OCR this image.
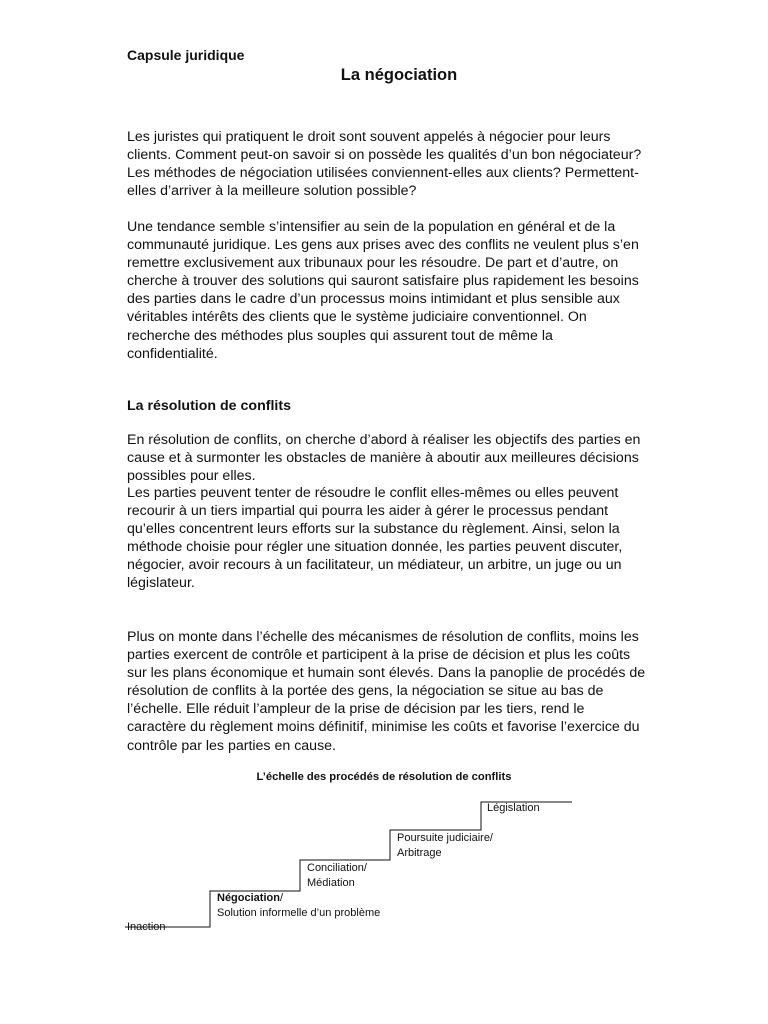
Capsule juridique
La négociation

Les juristes qui pratiquent le droit sont souvent appelés à négocier pour leurs clients. Comment peut-on savoir si on possède les qualités d’un bon négociateur? Les méthodes de négociation utilisées conviennent-elles aux clients? Permettent-elles d’arriver à la meilleure solution possible?

Une tendance semble s’intensifier au sein de la population en général et de la communauté juridique. Les gens aux prises avec des conflits ne veulent plus s’en remettre exclusivement aux tribunaux pour les résoudre. De part et d’autre, on cherche à trouver des solutions qui sauront satisfaire plus rapidement les besoins des parties dans le cadre d’un processus moins intimidant et plus sensible aux véritables intérêts des clients que le système judiciaire conventionnel. On recherche des méthodes plus souples qui assurent tout de même la confidentialité.

La résolution de conflits

En résolution de conflits, on cherche d’abord à réaliser les objectifs des parties en cause et à surmonter les obstacles de manière à aboutir aux meilleures décisions possibles pour elles.

Les parties peuvent tenter de résoudre le conflit elles-mêmes ou elles peuvent recourir à un tiers impartial qui pourra les aider à gérer le processus pendant qu’elles concentrent leurs efforts sur la substance du règlement. Ainsi, selon la méthode choisie pour régler une situation donnée, les parties peuvent discuter, négocier, avoir recours à un facilitateur, un médiateur, un arbitre, un juge ou un législateur.

Plus on monte dans l’échelle des mécanismes de résolution de conflits, moins les parties exercent de contrôle et participent à la prise de décision et plus les coûts sur les plans économique et humain sont élevés. Dans la panoplie de procédés de résolution de conflits à la portée des gens, la négociation se situe au bas de l’échelle. Elle réduit l’ampleur de la prise de décision par les tiers, rend le caractère du règlement moins définitif, minimise les coûts et favorise l’exercice du contrôle par les parties en cause.

L’échelle des procédés de résolution de conflits
Inaction
Négociation/
Solution informelle d’un problème
Conciliation/
Médiation
Poursuite judiciaire/
Arbitrage
Législation
